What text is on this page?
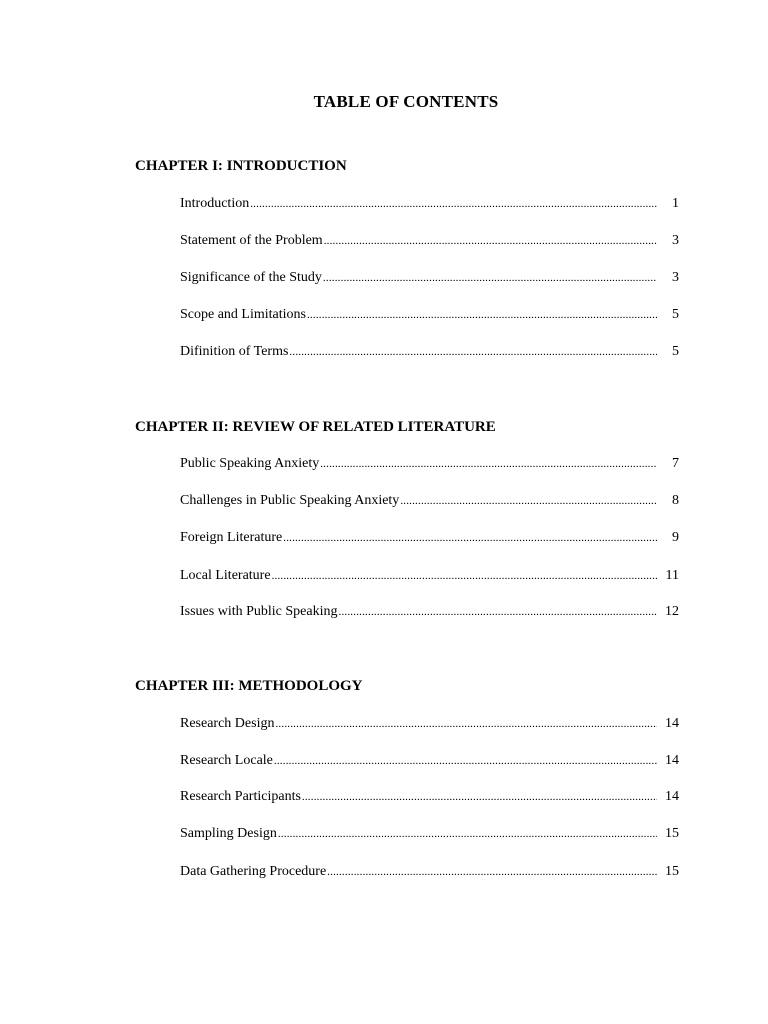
TABLE OF CONTENTS
CHAPTER I: INTRODUCTION
Introduction .....	1
Statement of the Problem .....	3
Significance of the Study .....	3
Scope and Limitations .....	5
Difinition of Terms .....	5
CHAPTER II: REVIEW OF RELATED LITERATURE
Public Speaking Anxiety .....	7
Challenges in Public Speaking Anxiety .....	8
Foreign Literature .....	9
Local Literature .....	11
Issues with Public Speaking .....	12
CHAPTER III: METHODOLOGY
Research Design .....	14
Research Locale .....	14
Research Participants .....	14
Sampling Design .....	15
Data Gathering Procedure .....	15
